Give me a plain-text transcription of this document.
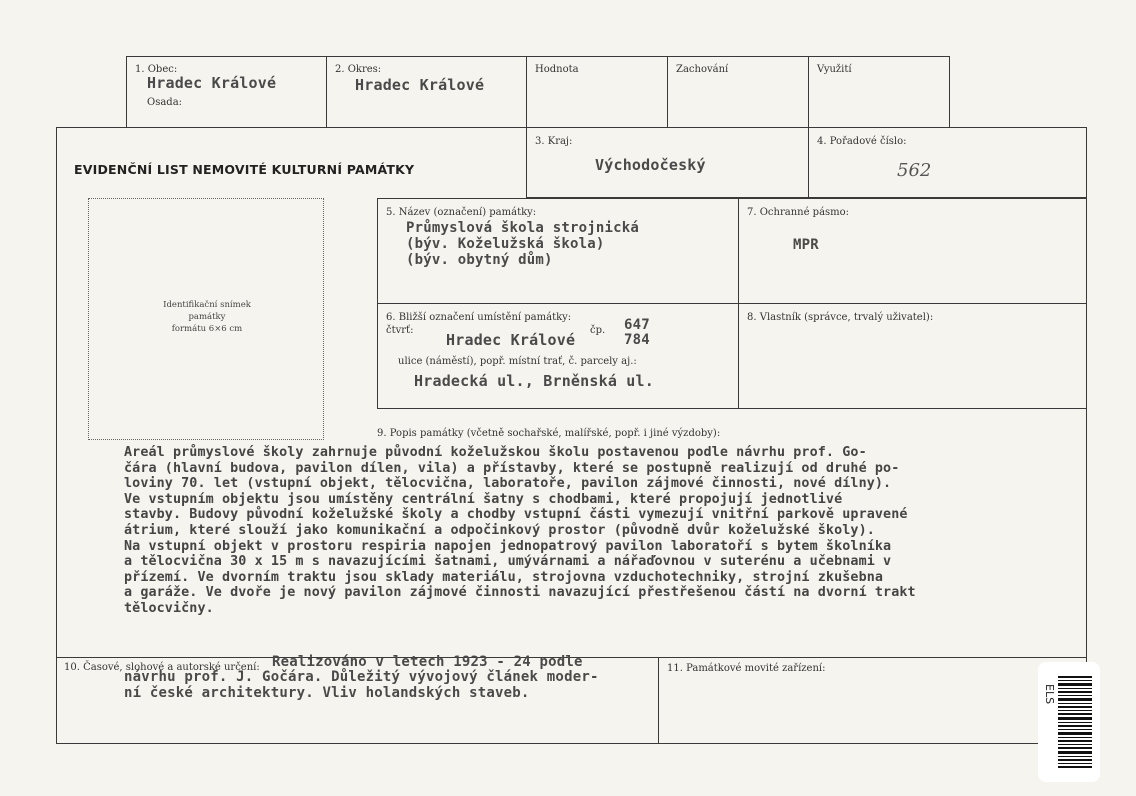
1. Obec:
Hradec Králové
Osada:
2. Okres:
Hradec Králové
Hodnota	Zachování	Využití
EVIDENČNÍ LIST NEMOVITÉ KULTURNÍ PAMÁTKY
3. Kraj:
Východočeský
4. Pořadové číslo:
562
Identifikační snímek
památky
formátu 6×6 cm
5. Název (označení) památky:
Průmyslová škola strojnická
(býv. Koželužská škola)
(býv. obytný dům)
7. Ochranné pásmo:
MPR
6. Bližší označení umístění památky:
čtvrť:
Hradec Králové
čp. 647
784
ulice (náměstí), popř. místní trať, č. parcely aj.:
Hradecká ul., Brněnská ul.
8. Vlastník (správce, trvalý uživatel):
9. Popis památky (včetně sochařské, malířské, popř. i jiné výzdoby):
Areál průmyslové školy zahrnuje původní koželužskou školu postavenou podle návrhu prof. Go-
čára (hlavní budova, pavilon dílen, vila) a přístavby, které se postupně realizují od druhé po-
loviny 70. let (vstupní objekt, tělocvična, laboratoře, pavilon zájmové činnosti, nové dílny).
Ve vstupním objektu jsou umístěny centrální šatny s chodbami, které propojují jednotlivé
stavby. Budovy původní koželužské školy a chodby vstupní části vymezují vnitřní parkově upravené
átrium, které slouží jako komunikační a odpočinkový prostor (původně dvůr koželužské školy).
Na vstupní objekt v prostoru respiria napojen jednopatrový pavilon laboratoří s bytem školníka
a tělocvična 30 x 15 m s navazujícími šatnami, umývárnami a nářaďovnou v suterénu a učebnami v
přízemí. Ve dvorním traktu jsou sklady materiálu, strojovna vzduchotechniky, strojní zkušebna
a garáže. Ve dvoře je nový pavilon zájmové činnosti navazující přestřešenou částí na dvorní trakt
tělocvičny.
10. Časové, slohové a autorské určení: Realizováno v letech 1923 - 24 podle
návrhu prof. J. Gočára. Důležitý vývojový článek moder-
ní české architektury. Vliv holandských staveb.
11. Památkové movité zařízení:
ELS
